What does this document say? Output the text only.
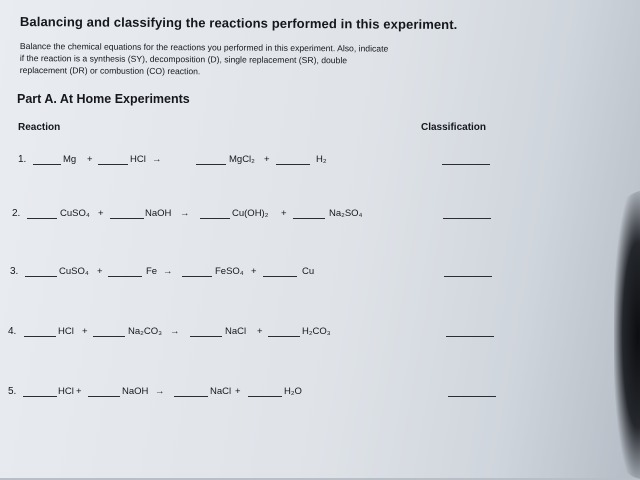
Balancing and classifying the reactions performed in this experiment.
Balance the chemical equations for the reactions you performed in this experiment. Also, indicate
if the reaction is a synthesis (SY), decomposition (D), single replacement (SR), double
replacement (DR) or combustion (CO) reaction.
Part A. At Home Experiments
Reaction	Classification
1.	Mg +	HCl →	MgCl₂ +	H₂
2.	CuSO₄ +	NaOH →	Cu(OH)₂ +	Na₂SO₄
3.	CuSO₄ +	Fe →	FeSO₄ +	Cu
4.	HCl +	Na₂CO₃ →	NaCl +	H₂CO₃
5.	HCl +	NaOH →	NaCl +	H₂O
